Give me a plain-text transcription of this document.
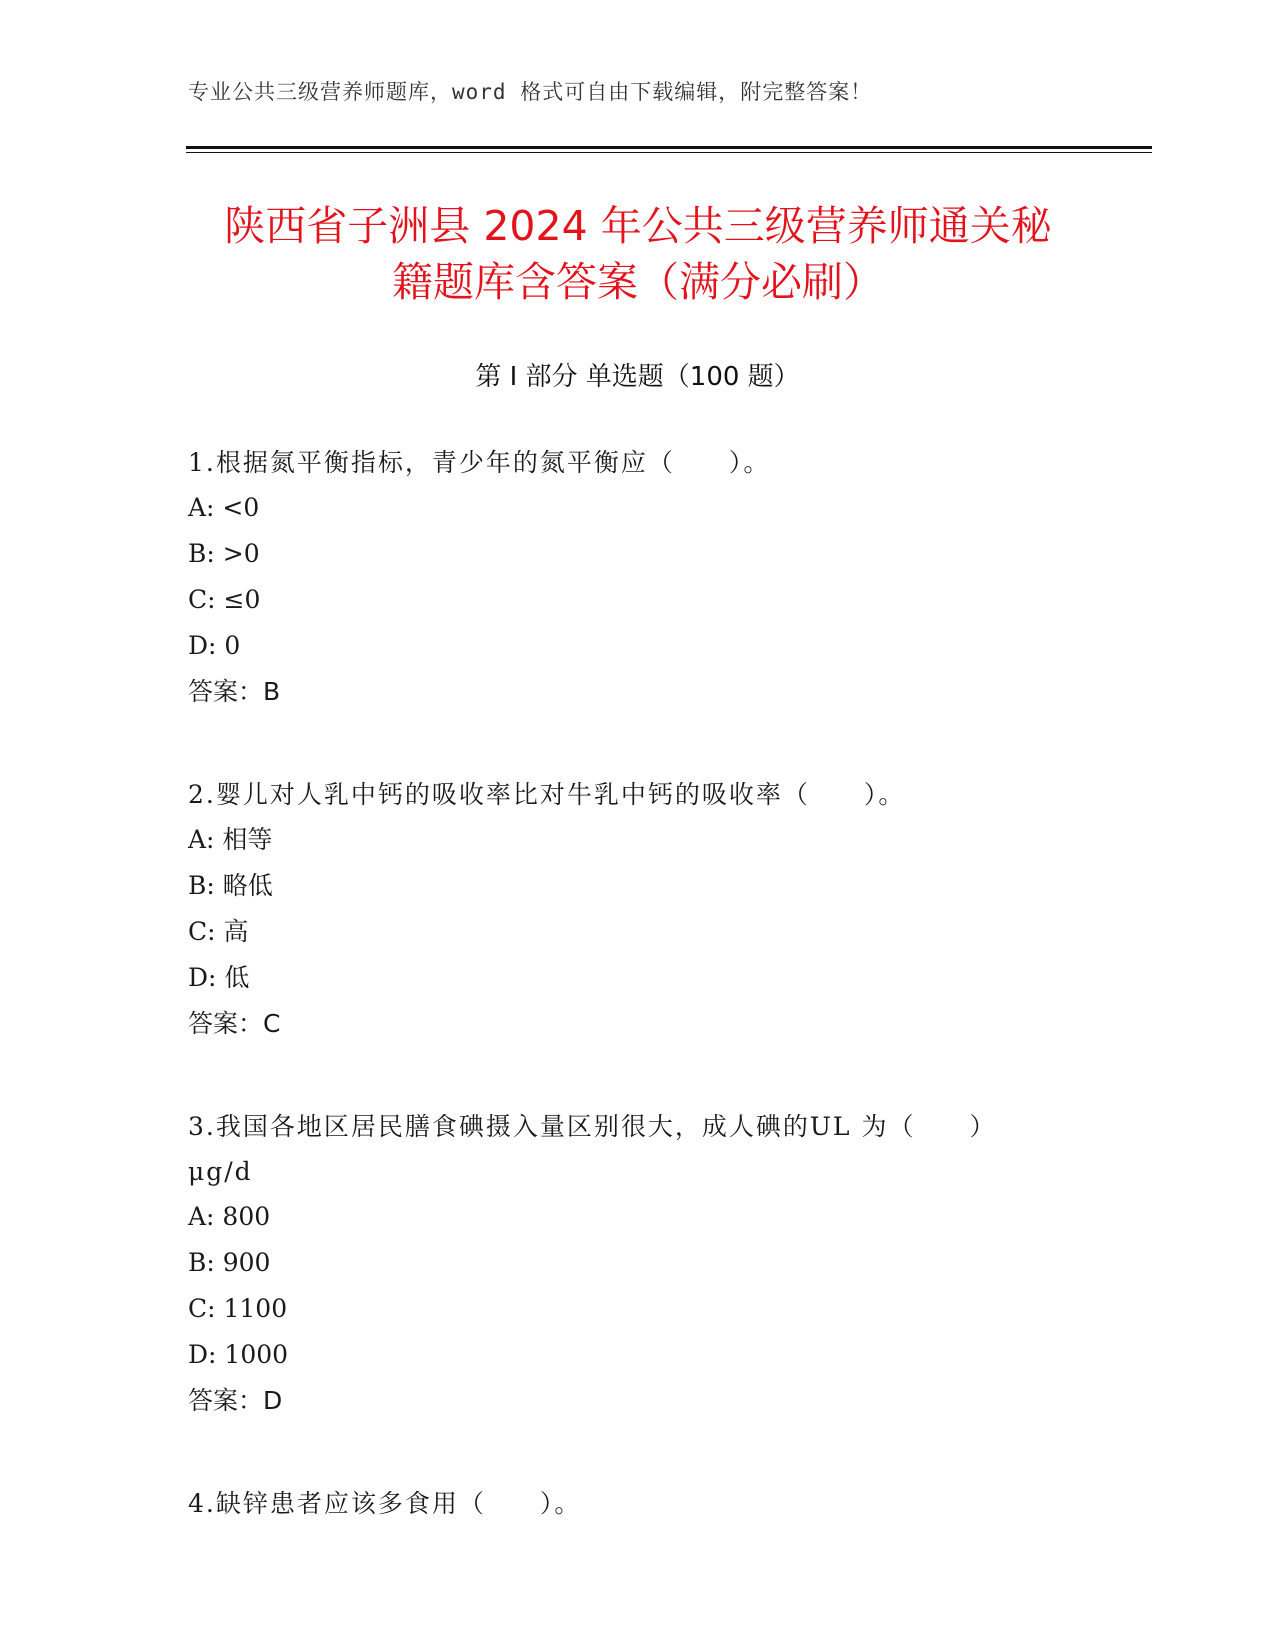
专业公共三级营养师题库，word 格式可自由下载编辑，附完整答案！
陕西省子洲县 2024 年公共三级营养师通关秘
籍题库含答案（满分必刷）
第 I 部分 单选题（100 题）
1.根据氮平衡指标，青少年的氮平衡应（　　）。
A: <0
B: >0
C: ≤0
D: 0
答案：B
2.婴儿对人乳中钙的吸收率比对牛乳中钙的吸收率（　　）。
A: 相等
B: 略低
C: 高
D: 低
答案：C
3.我国各地区居民膳食碘摄入量区别很大，成人碘的UL 为（　　）
μg/d
A: 800
B: 900
C: 1100
D: 1000
答案：D
4.缺锌患者应该多食用（　　）。
